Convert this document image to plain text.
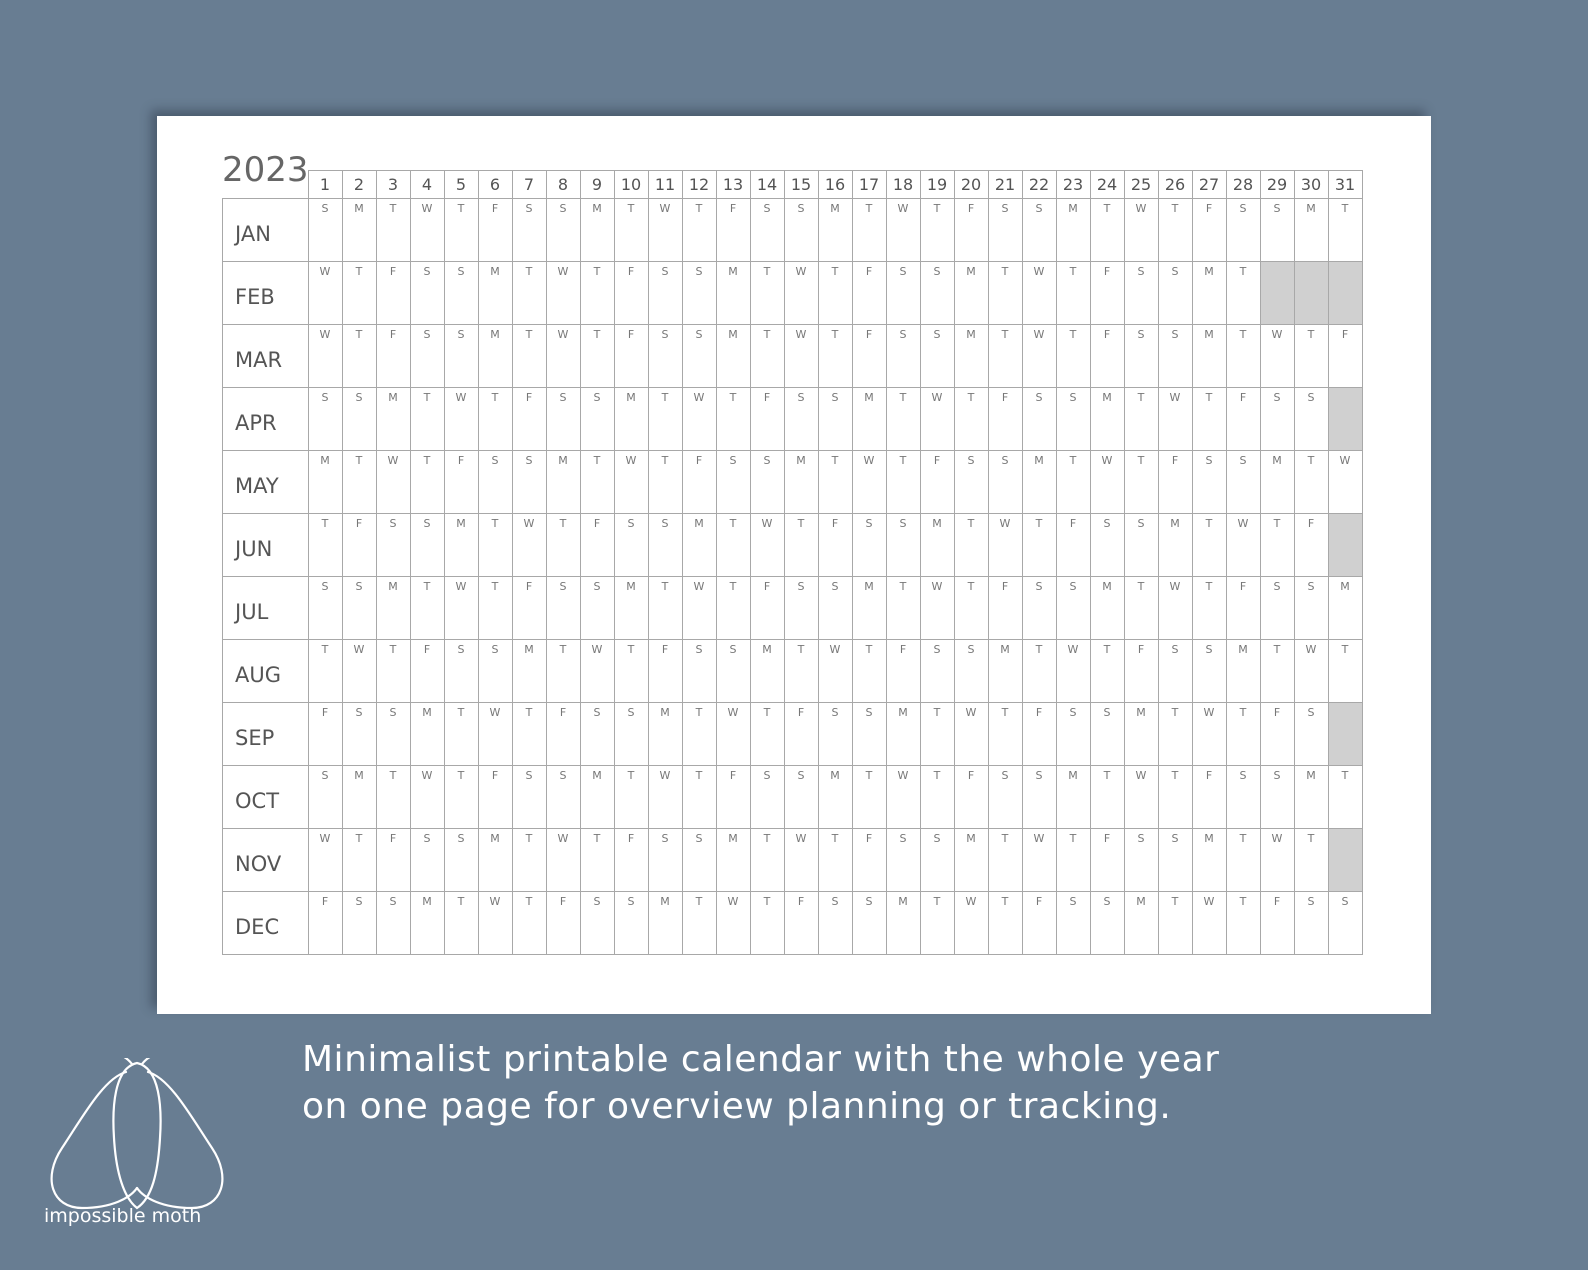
2023
	1	2	3	4	5	6	7	8	9	10	11	12	13	14	15	16	17	18	19	20	21	22	23	24	25	26	27	28	29	30	31
JAN	S	M	T	W	T	F	S	S	M	T	W	T	F	S	S	M	T	W	T	F	S	S	M	T	W	T	F	S	S	M	T
FEB	W	T	F	S	S	M	T	W	T	F	S	S	M	T	W	T	F	S	S	M	T	W	T	F	S	S	M	T			
MAR	W	T	F	S	S	M	T	W	T	F	S	S	M	T	W	T	F	S	S	M	T	W	T	F	S	S	M	T	W	T	F
APR	S	S	M	T	W	T	F	S	S	M	T	W	T	F	S	S	M	T	W	T	F	S	S	M	T	W	T	F	S	S	
MAY	M	T	W	T	F	S	S	M	T	W	T	F	S	S	M	T	W	T	F	S	S	M	T	W	T	F	S	S	M	T	W
JUN	T	F	S	S	M	T	W	T	F	S	S	M	T	W	T	F	S	S	M	T	W	T	F	S	S	M	T	W	T	F	
JUL	S	S	M	T	W	T	F	S	S	M	T	W	T	F	S	S	M	T	W	T	F	S	S	M	T	W	T	F	S	S	M
AUG	T	W	T	F	S	S	M	T	W	T	F	S	S	M	T	W	T	F	S	S	M	T	W	T	F	S	S	M	T	W	T
SEP	F	S	S	M	T	W	T	F	S	S	M	T	W	T	F	S	S	M	T	W	T	F	S	S	M	T	W	T	F	S	
OCT	S	M	T	W	T	F	S	S	M	T	W	T	F	S	S	M	T	W	T	F	S	S	M	T	W	T	F	S	S	M	T
NOV	W	T	F	S	S	M	T	W	T	F	S	S	M	T	W	T	F	S	S	M	T	W	T	F	S	S	M	T	W	T	
DEC	F	S	S	M	T	W	T	F	S	S	M	T	W	T	F	S	S	M	T	W	T	F	S	S	M	T	W	T	F	S	S
Minimalist printable calendar with the whole year
on one page for overview planning or tracking.
impossible moth
